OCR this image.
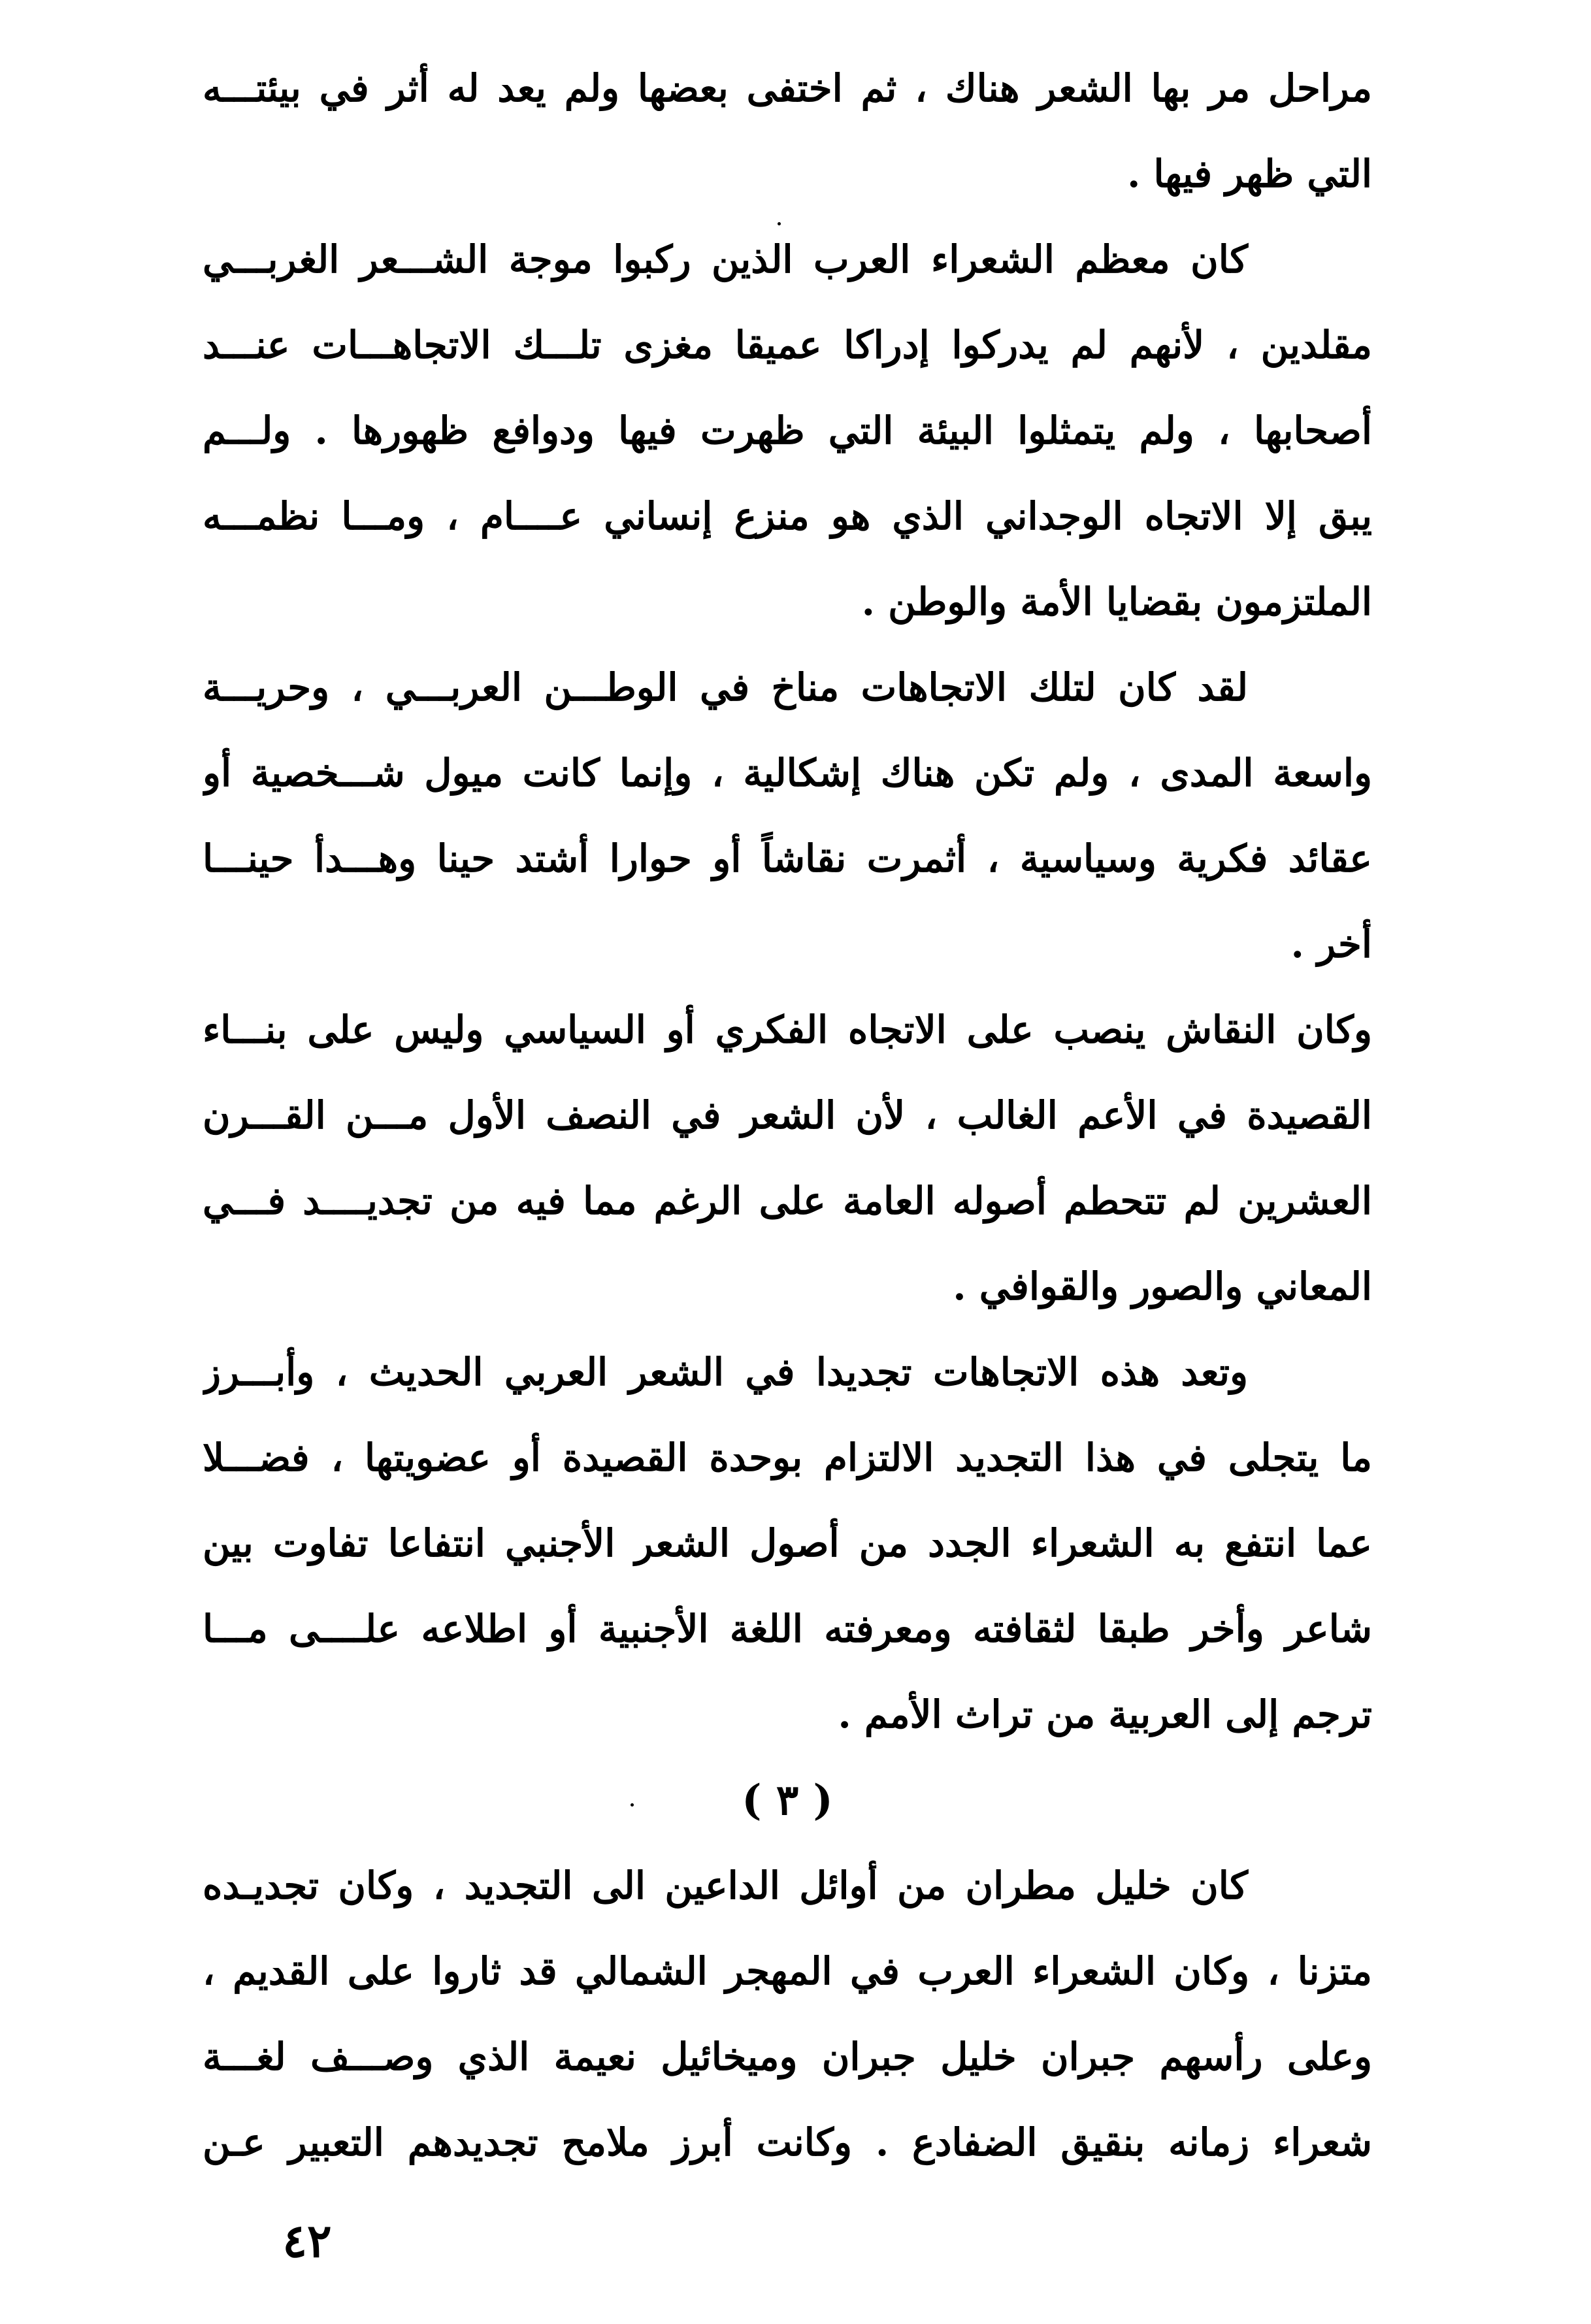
مراحل مر بها الشعر هناك ، ثم اختفى بعضها ولم يعد له أثر في بيئتـــه
التي ظهر فيها .
كان معظم الشعراء العرب الذين ركبوا موجة الشـــعر الغربـــي
مقلدين ، لأنهم لم يدركوا إدراكا عميقا مغزى تلـــك الاتجاهـــات عنـــد
أصحابها ، ولم يتمثلوا البيئة التي ظهرت فيها ودوافع ظهورها . ولـــم
يبق إلا الاتجاه الوجداني الذي هو منزع إنساني عــــام ، ومـــا نظمـــه
الملتزمون بقضايا الأمة والوطن .
لقد كان لتلك الاتجاهات مناخ في الوطـــن العربـــي ، وحريـــة
واسعة المدى ، ولم تكن هناك إشكالية ، وإنما كانت ميول شـــخصية أو
عقائد فكرية وسياسية ، أثمرت نقاشاً أو حوارا أشتد حينا وهـــدأ حينـــا
أخر .
وكان النقاش ينصب على الاتجاه الفكري أو السياسي وليس على بنـــاء
القصيدة في الأعم الغالب ، لأن الشعر في النصف الأول مـــن القـــرن
العشرين لم تتحطم أصوله العامة على الرغم مما فيه من تجديــــد فـــي
المعاني والصور والقوافي .
وتعد هذه الاتجاهات تجديدا في الشعر العربي الحديث ، وأبـــرز
ما يتجلى في هذا التجديد الالتزام بوحدة القصيدة أو عضويتها ، فضـــلا
عما انتفع به الشعراء الجدد من أصول الشعر الأجنبي انتفاعا تفاوت بين
شاعر وأخر طبقا لثقافته ومعرفته اللغة الأجنبية أو اطلاعه علــــى مـــا
ترجم إلى العربية من تراث الأمم .
( ٣ )
كان خليل مطران من أوائل الداعين الى التجديد ، وكان تجديـده
متزنا ، وكان الشعراء العرب في المهجر الشمالي قد ثاروا على القديم ،
وعلى رأسهم جبران خليل جبران وميخائيل نعيمة الذي وصـــف لغـــة
شعراء زمانه بنقيق الضفادع . وكانت أبرز ملامح تجديدهم التعبير عـن
٤٢
